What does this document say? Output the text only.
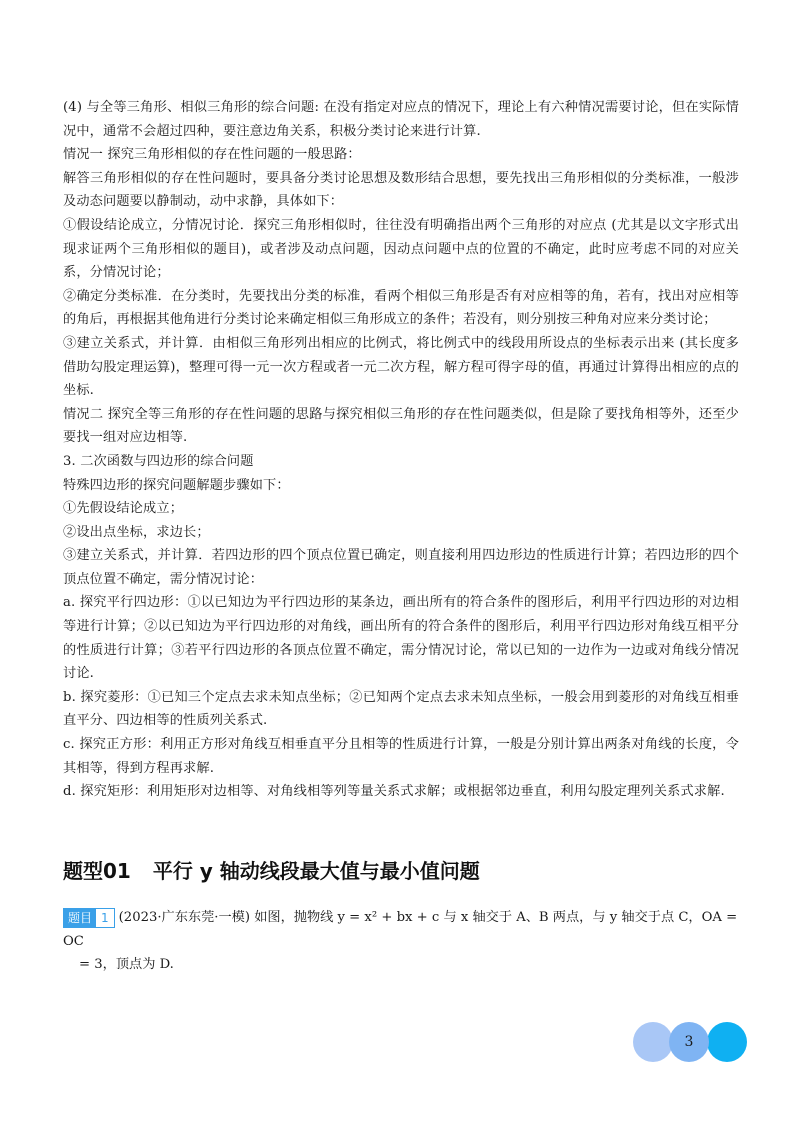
(4) 与全等三角形、相似三角形的综合问题: 在没有指定对应点的情况下，理论上有六种情况需要讨论，但在实际情况中，通常不会超过四种，要注意边角关系，积极分类讨论来进行计算.

情况一 探究三角形相似的存在性问题的一般思路：

解答三角形相似的存在性问题时，要具备分类讨论思想及数形结合思想，要先找出三角形相似的分类标准，一般涉及动态问题要以静制动，动中求静，具体如下：

①假设结论成立，分情况讨论．探究三角形相似时，往往没有明确指出两个三角形的对应点 (尤其是以文字形式出现求证两个三角形相似的题目)，或者涉及动点问题，因动点问题中点的位置的不确定，此时应考虑不同的对应关系，分情况讨论；

②确定分类标准．在分类时，先要找出分类的标准，看两个相似三角形是否有对应相等的角，若有，找出对应相等的角后，再根据其他角进行分类讨论来确定相似三角形成立的条件；若没有，则分别按三种角对应来分类讨论；

③建立关系式，并计算．由相似三角形列出相应的比例式，将比例式中的线段用所设点的坐标表示出来 (其长度多借助勾股定理运算)，整理可得一元一次方程或者一元二次方程，解方程可得字母的值，再通过计算得出相应的点的坐标.

情况二 探究全等三角形的存在性问题的思路与探究相似三角形的存在性问题类似，但是除了要找角相等外，还至少要找一组对应边相等.

3. 二次函数与四边形的综合问题

特殊四边形的探究问题解题步骤如下：

①先假设结论成立；

②设出点坐标，求边长；

③建立关系式，并计算．若四边形的四个顶点位置已确定，则直接利用四边形边的性质进行计算；若四边形的四个顶点位置不确定，需分情况讨论：

a. 探究平行四边形：①以已知边为平行四边形的某条边，画出所有的符合条件的图形后，利用平行四边形的对边相等进行计算；②以已知边为平行四边形的对角线，画出所有的符合条件的图形后，利用平行四边形对角线互相平分的性质进行计算；③若平行四边形的各顶点位置不确定，需分情况讨论，常以已知的一边作为一边或对角线分情况讨论.

b. 探究菱形：①已知三个定点去求未知点坐标；②已知两个定点去求未知点坐标，一般会用到菱形的对角线互相垂直平分、四边相等的性质列关系式.

c. 探究正方形：利用正方形对角线互相垂直平分且相等的性质进行计算，一般是分别计算出两条对角线的长度，令其相等，得到方程再求解.

d. 探究矩形：利用矩形对边相等、对角线相等列等量关系式求解；或根据邻边垂直，利用勾股定理列关系式求解.

题型01 平行 y 轴动线段最大值与最小值问题

题目 1 (2023·广东东莞·一模) 如图，抛物线 y = x² + bx + c 与 x 轴交于 A、B 两点，与 y 轴交于点 C，OA = OC

= 3，顶点为 D.

3
